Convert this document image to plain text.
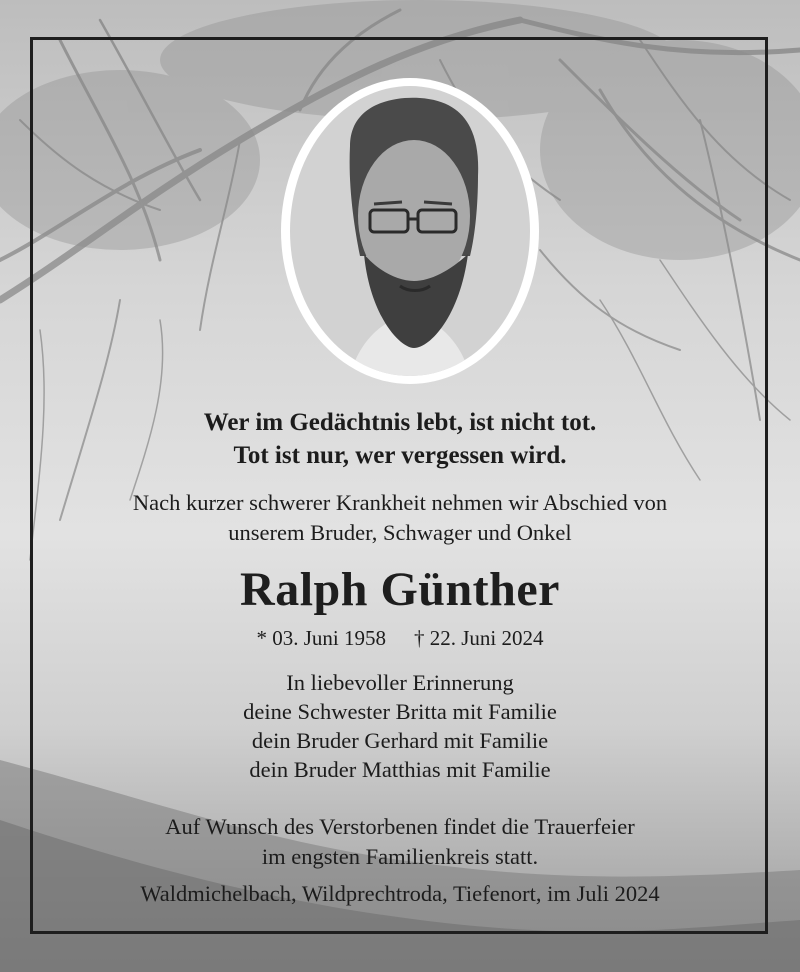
Wer im Gedächtnis lebt, ist nicht tot.
Tot ist nur, wer vergessen wird.
Nach kurzer schwerer Krankheit nehmen wir Abschied von
unserem Bruder, Schwager und Onkel
Ralph Günther
* 03. Juni 1958 † 22. Juni 2024
In liebevoller Erinnerung
deine Schwester Britta mit Familie
dein Bruder Gerhard mit Familie
dein Bruder Matthias mit Familie
Auf Wunsch des Verstorbenen findet die Trauerfeier
im engsten Familienkreis statt.
Waldmichelbach, Wildprechtroda, Tiefenort, im Juli 2024
